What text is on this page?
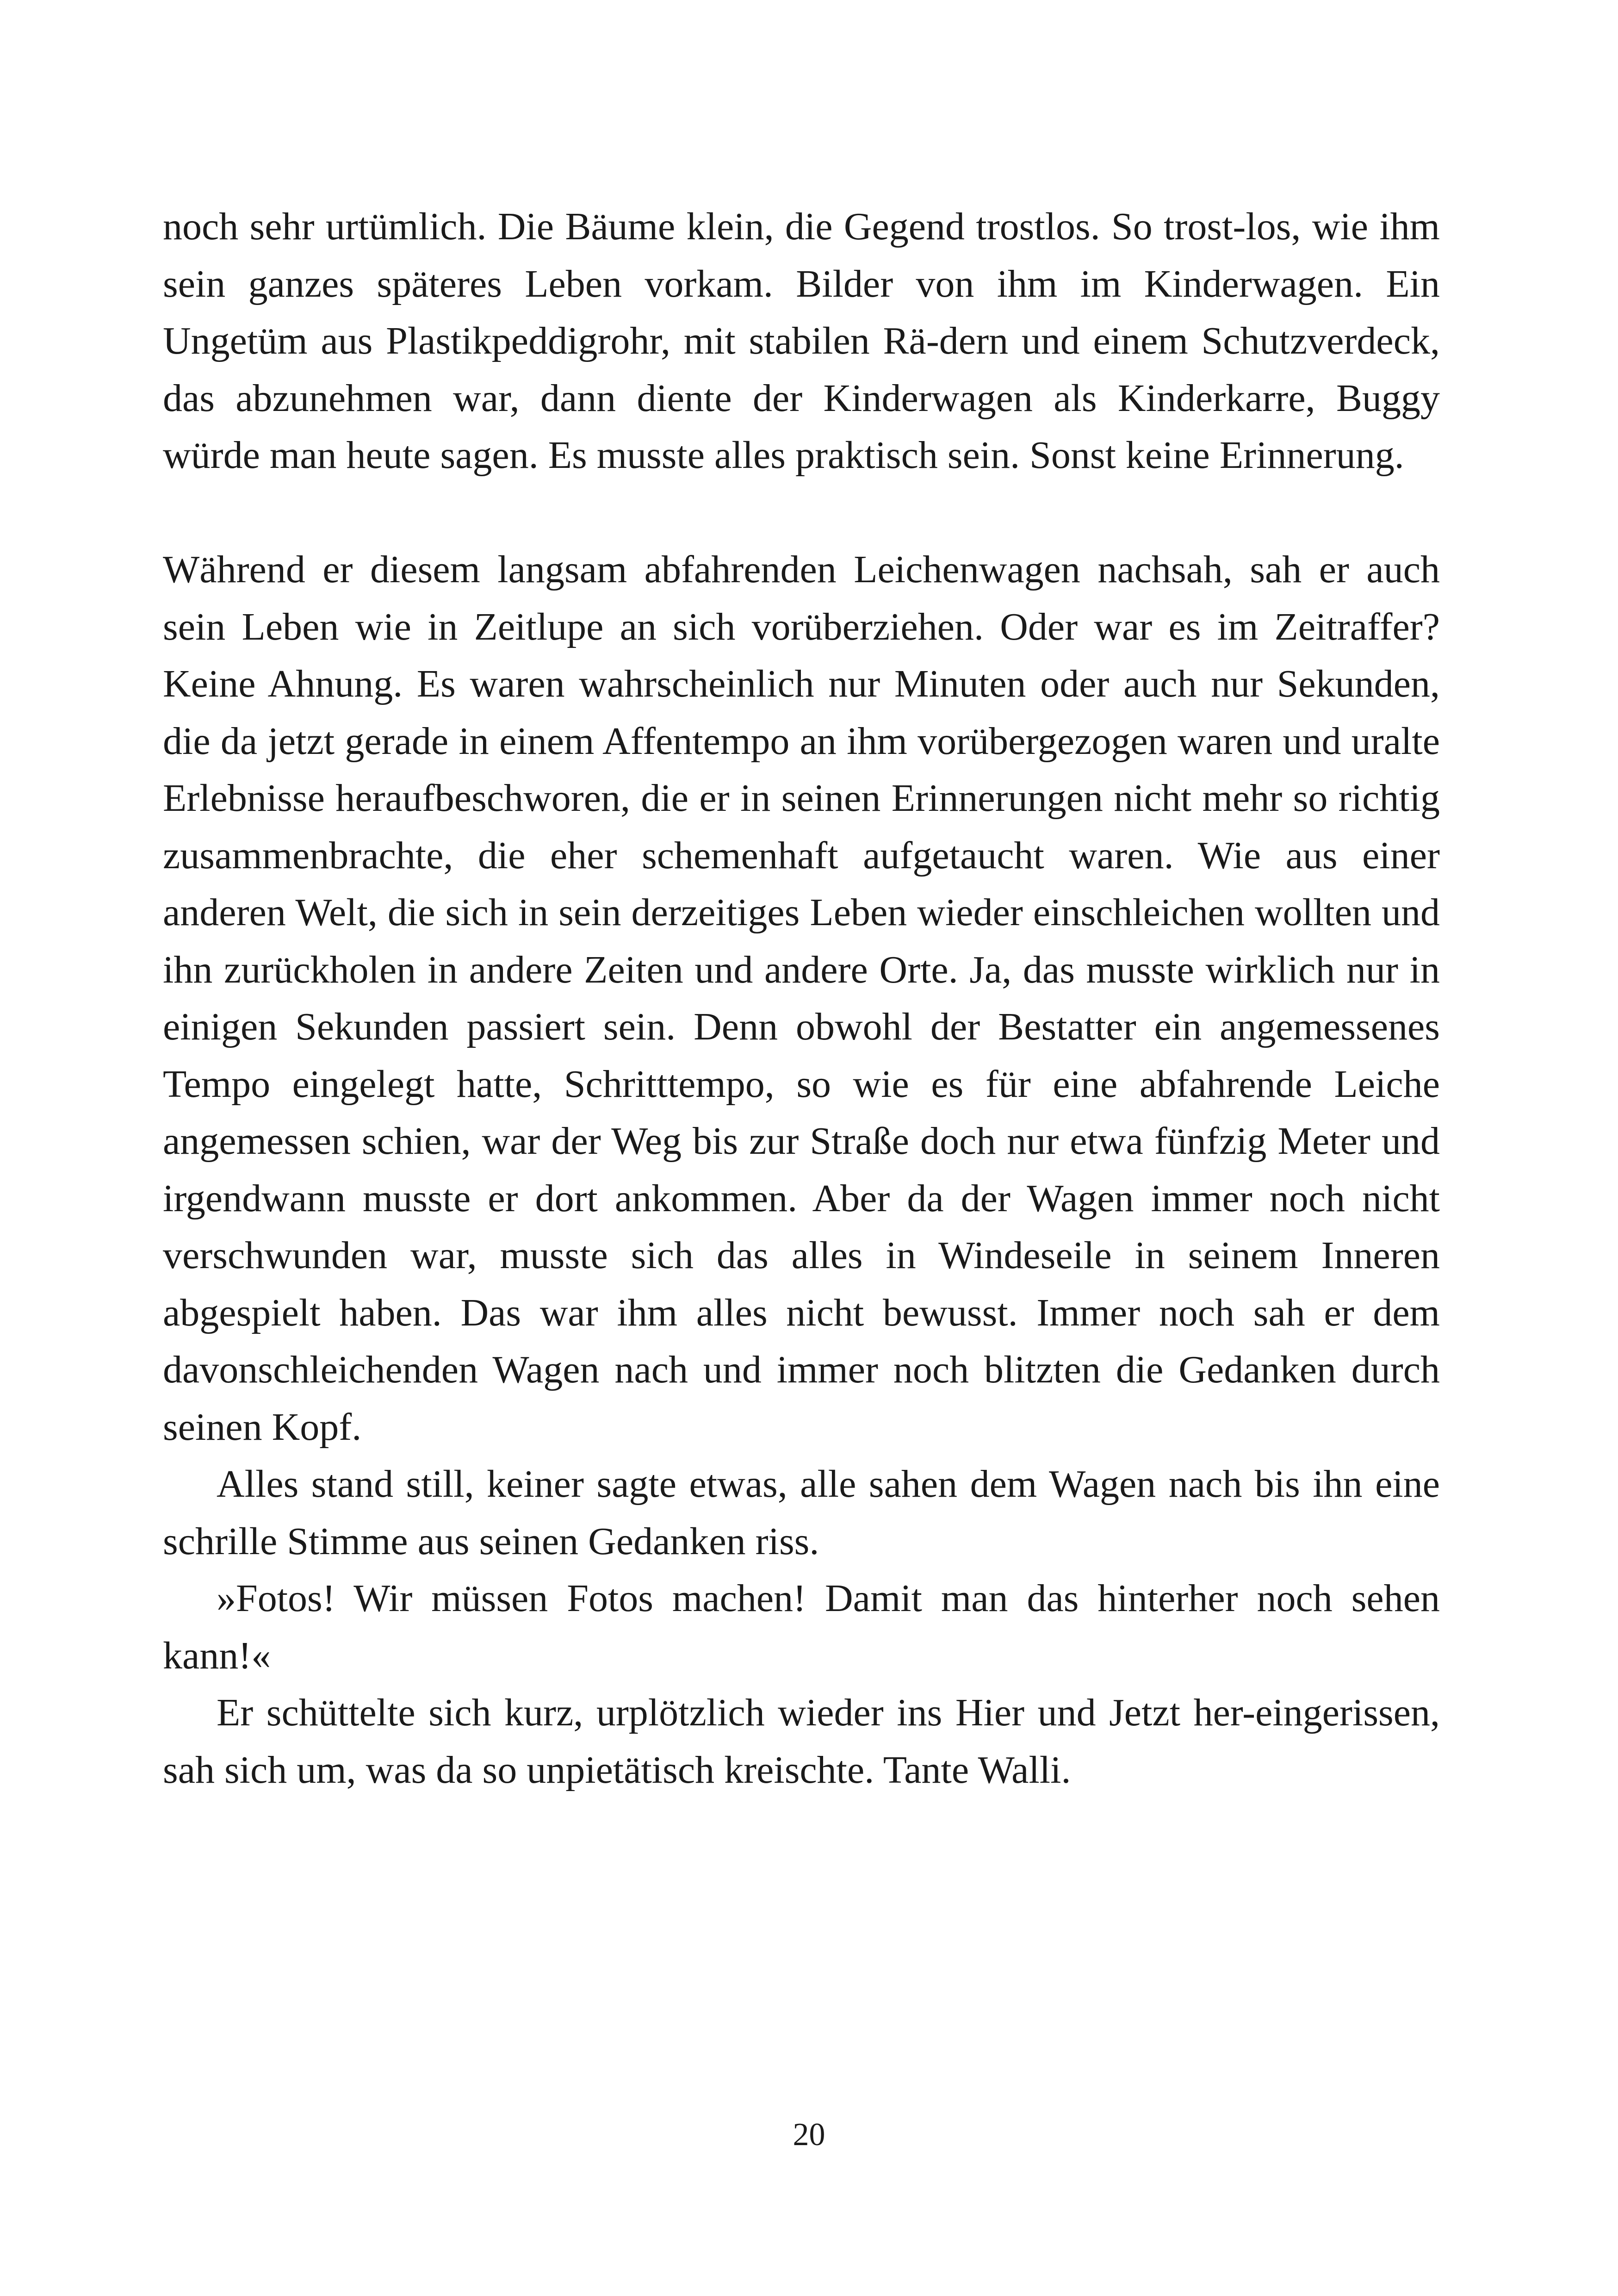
noch sehr urtümlich. Die Bäume klein, die Gegend trostlos. So trost-los, wie ihm sein ganzes späteres Leben vorkam. Bilder von ihm im Kinderwagen. Ein Ungetüm aus Plastikpeddigrohr, mit stabilen Rä-dern und einem Schutzverdeck, das abzunehmen war, dann diente der Kinderwagen als Kinderkarre, Buggy würde man heute sagen. Es musste alles praktisch sein. Sonst keine Erinnerung.

Während er diesem langsam abfahrenden Leichenwagen nachsah, sah er auch sein Leben wie in Zeitlupe an sich vorüberziehen. Oder war es im Zeitraffer? Keine Ahnung. Es waren wahrscheinlich nur Minuten oder auch nur Sekunden, die da jetzt gerade in einem Affentempo an ihm vorübergezogen waren und uralte Erlebnisse heraufbeschworen, die er in seinen Erinnerungen nicht mehr so richtig zusammenbrachte, die eher schemenhaft aufgetaucht waren. Wie aus einer anderen Welt, die sich in sein derzeitiges Leben wieder einschleichen wollten und ihn zurückholen in andere Zeiten und andere Orte. Ja, das musste wirklich nur in einigen Sekunden passiert sein. Denn obwohl der Bestatter ein angemessenes Tempo eingelegt hatte, Schritttempo, so wie es für eine abfahrende Leiche angemessen schien, war der Weg bis zur Straße doch nur etwa fünfzig Meter und irgendwann musste er dort ankommen. Aber da der Wagen immer noch nicht verschwunden war, musste sich das alles in Windeseile in seinem Inneren abgespielt haben. Das war ihm alles nicht bewusst. Immer noch sah er dem davonschleichenden Wagen nach und immer noch blitzten die Gedanken durch seinen Kopf.

Alles stand still, keiner sagte etwas, alle sahen dem Wagen nach bis ihn eine schrille Stimme aus seinen Gedanken riss.

»Fotos! Wir müssen Fotos machen! Damit man das hinterher noch sehen kann!«

Er schüttelte sich kurz, urplötzlich wieder ins Hier und Jetzt her-eingerissen, sah sich um, was da so unpietätisch kreischte. Tante Walli.

20
